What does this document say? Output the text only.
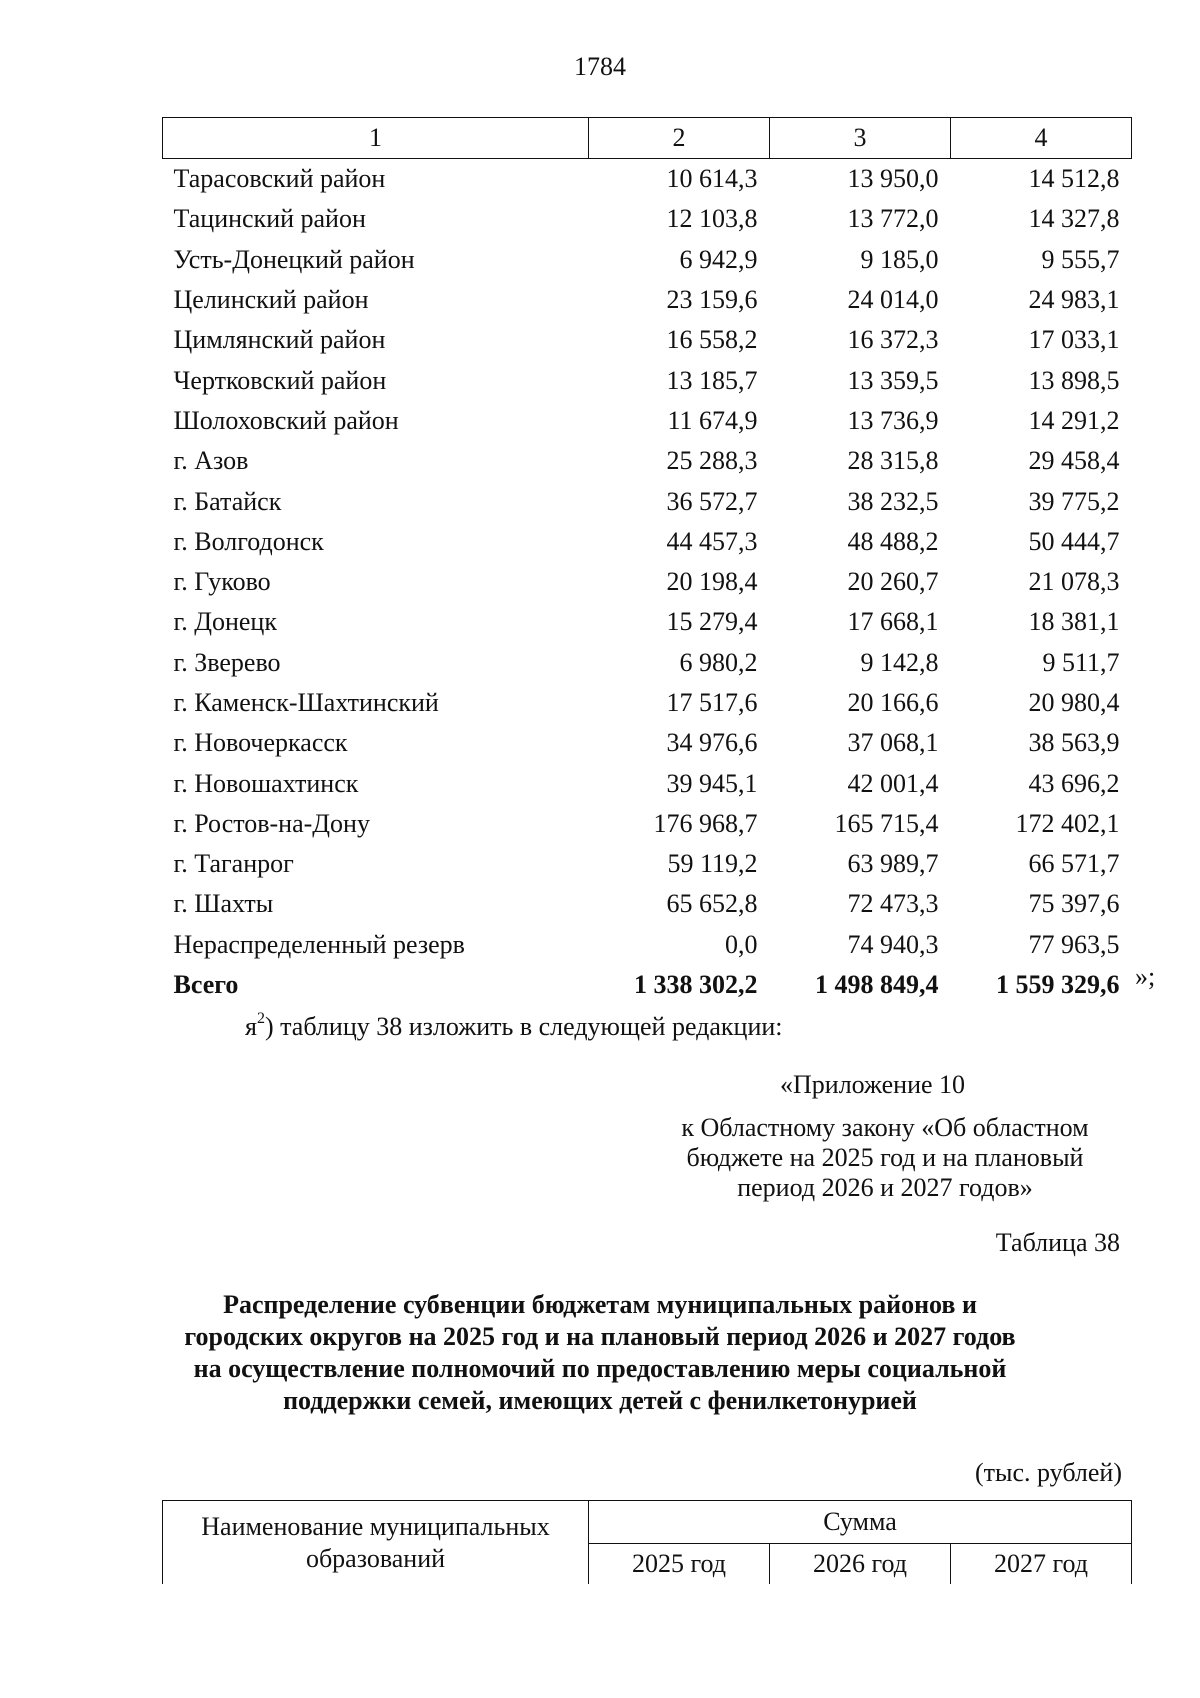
1784
1	2	3	4
Тарасовский район	10 614,3	13 950,0	14 512,8
Тацинский район	12 103,8	13 772,0	14 327,8
Усть-Донецкий район	6 942,9	9 185,0	9 555,7
Целинский район	23 159,6	24 014,0	24 983,1
Цимлянский район	16 558,2	16 372,3	17 033,1
Чертковский район	13 185,7	13 359,5	13 898,5
Шолоховский район	11 674,9	13 736,9	14 291,2
г. Азов	25 288,3	28 315,8	29 458,4
г. Батайск	36 572,7	38 232,5	39 775,2
г. Волгодонск	44 457,3	48 488,2	50 444,7
г. Гуково	20 198,4	20 260,7	21 078,3
г. Донецк	15 279,4	17 668,1	18 381,1
г. Зверево	6 980,2	9 142,8	9 511,7
г. Каменск-Шахтинский	17 517,6	20 166,6	20 980,4
г. Новочеркасск	34 976,6	37 068,1	38 563,9
г. Новошахтинск	39 945,1	42 001,4	43 696,2
г. Ростов-на-Дону	176 968,7	165 715,4	172 402,1
г. Таганрог	59 119,2	63 989,7	66 571,7
г. Шахты	65 652,8	72 473,3	75 397,6
Нераспределенный резерв	0,0	74 940,3	77 963,5
Всего	1 338 302,2	1 498 849,4	1 559 329,6 »;
$я^2$) таблицу 38 изложить в следующей редакции:
«Приложение 10
к Областному закону «Об областном
бюджете на 2025 год и на плановый
период 2026 и 2027 годов»
Таблица 38
Распределение субвенции бюджетам муниципальных районов и
городских округов на 2025 год и на плановый период 2026 и 2027 годов
на осуществление полномочий по предоставлению меры социальной
поддержки семей, имеющих детей с фенилкетонурией
(тыс. рублей)
Наименование муниципальных
образований	Сумма		
	2025 год	2026 год	2027 год
